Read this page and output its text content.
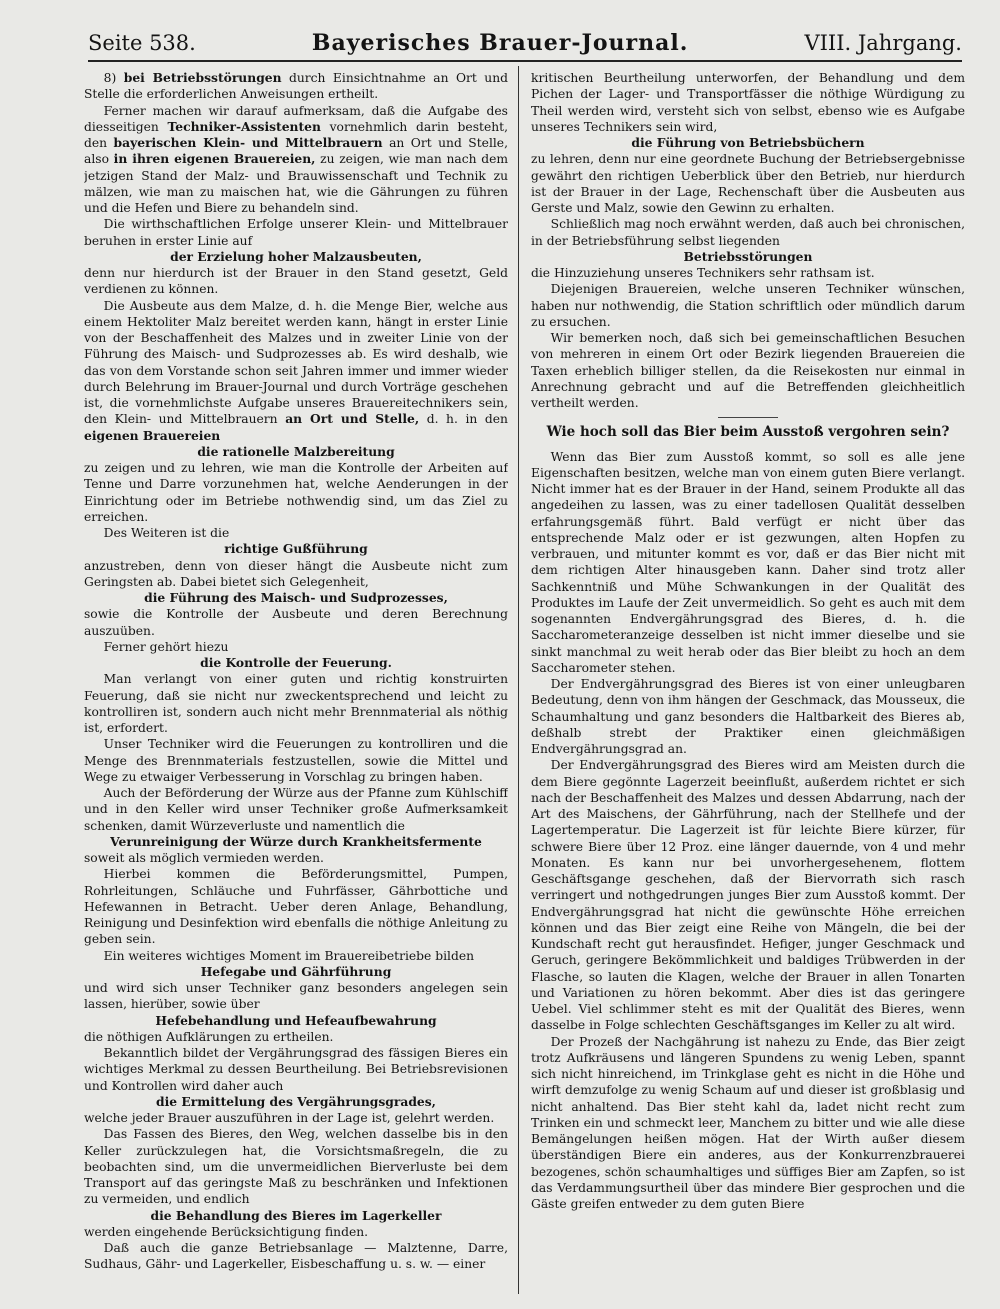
Seite 538.	Bayerisches Brauer-Journal.	VIII. Jahrgang.

8) bei Betriebsstörungen durch Einsichtnahme an Ort und Stelle die erforderlichen Anweisungen ertheilt.

Ferner machen wir darauf aufmerksam, daß die Aufgabe des diesseitigen Techniker-Assistenten vornehmlich darin besteht, den bayerischen Klein- und Mittelbrauern an Ort und Stelle, also in ihren eigenen Brauereien, zu zeigen, wie man nach dem jetzigen Stand der Malz- und Brauwissenschaft und Technik zu mälzen, wie man zu maischen hat, wie die Gährungen zu führen und die Hefen und Biere zu behandeln sind.

Die wirthschaftlichen Erfolge unserer Klein- und Mittelbrauer beruhen in erster Linie auf

der Erzielung hoher Malzausbeuten,

denn nur hierdurch ist der Brauer in den Stand gesetzt, Geld verdienen zu können.

Die Ausbeute aus dem Malze, d. h. die Menge Bier, welche aus einem Hektoliter Malz bereitet werden kann, hängt in erster Linie von der Beschaffenheit des Malzes und in zweiter Linie von der Führung des Maisch- und Sudprozesses ab. Es wird deshalb, wie das von dem Vorstande schon seit Jahren immer und immer wieder durch Belehrung im Brauer-Journal und durch Vorträge geschehen ist, die vornehmlichste Aufgabe unseres Brauereitechnikers sein, den Klein- und Mittelbrauern an Ort und Stelle, d. h. in den eigenen Brauereien

die rationelle Malzbereitung

zu zeigen und zu lehren, wie man die Kontrolle der Arbeiten auf Tenne und Darre vorzunehmen hat, welche Aenderungen in der Einrichtung oder im Betriebe nothwendig sind, um das Ziel zu erreichen.

Des Weiteren ist die

richtige Gußführung

anzustreben, denn von dieser hängt die Ausbeute nicht zum Geringsten ab. Dabei bietet sich Gelegenheit,

die Führung des Maisch- und Sudprozesses,

sowie die Kontrolle der Ausbeute und deren Berechnung auszuüben.

Ferner gehört hiezu

die Kontrolle der Feuerung.

Man verlangt von einer guten und richtig konstruirten Feuerung, daß sie nicht nur zweckentsprechend und leicht zu kontrolliren ist, sondern auch nicht mehr Brennmaterial als nöthig ist, erfordert.

Unser Techniker wird die Feuerungen zu kontrolliren und die Menge des Brennmaterials festzustellen, sowie die Mittel und Wege zu etwaiger Verbesserung in Vorschlag zu bringen haben.

Auch der Beförderung der Würze aus der Pfanne zum Kühlschiff und in den Keller wird unser Techniker große Aufmerksamkeit schenken, damit Würzeverluste und namentlich die

Verunreinigung der Würze durch Krankheitsfermente

soweit als möglich vermieden werden.

Hierbei kommen die Beförderungsmittel, Pumpen, Rohrleitungen, Schläuche und Fuhrfässer, Gährbottiche und Hefewannen in Betracht. Ueber deren Anlage, Behandlung, Reinigung und Desinfektion wird ebenfalls die nöthige Anleitung zu geben sein.

Ein weiteres wichtiges Moment im Brauereibetriebe bilden

Hefegabe und Gährführung

und wird sich unser Techniker ganz besonders angelegen sein lassen, hierüber, sowie über

Hefebehandlung und Hefeaufbewahrung

die nöthigen Aufklärungen zu ertheilen.

Bekanntlich bildet der Vergährungsgrad des fässigen Bieres ein wichtiges Merkmal zu dessen Beurtheilung. Bei Betriebsrevisionen und Kontrollen wird daher auch

die Ermittelung des Vergährungsgrades,

welche jeder Brauer auszuführen in der Lage ist, gelehrt werden.

Das Fassen des Bieres, den Weg, welchen dasselbe bis in den Keller zurückzulegen hat, die Vorsichtsmaßregeln, die zu beobachten sind, um die unvermeidlichen Bierverluste bei dem Transport auf das geringste Maß zu beschränken und Infektionen zu vermeiden, und endlich

die Behandlung des Bieres im Lagerkeller

werden eingehende Berücksichtigung finden.

Daß auch die ganze Betriebsanlage — Malztenne, Darre, Sudhaus, Gähr- und Lagerkeller, Eisbeschaffung u. s. w. — einer

kritischen Beurtheilung unterworfen, der Behandlung und dem Pichen der Lager- und Transportfässer die nöthige Würdigung zu Theil werden wird, versteht sich von selbst, ebenso wie es Aufgabe unseres Technikers sein wird,

die Führung von Betriebsbüchern

zu lehren, denn nur eine geordnete Buchung der Betriebsergebnisse gewährt den richtigen Ueberblick über den Betrieb, nur hierdurch ist der Brauer in der Lage, Rechenschaft über die Ausbeuten aus Gerste und Malz, sowie den Gewinn zu erhalten.

Schließlich mag noch erwähnt werden, daß auch bei chronischen, in der Betriebsführung selbst liegenden

Betriebsstörungen

die Hinzuziehung unseres Technikers sehr rathsam ist.

Diejenigen Brauereien, welche unseren Techniker wünschen, haben nur nothwendig, die Station schriftlich oder mündlich darum zu ersuchen.

Wir bemerken noch, daß sich bei gemeinschaftlichen Besuchen von mehreren in einem Ort oder Bezirk liegenden Brauereien die Taxen erheblich billiger stellen, da die Reisekosten nur einmal in Anrechnung gebracht und auf die Betreffenden gleichheitlich vertheilt werden.

Wie hoch soll das Bier beim Ausstoß vergohren sein?

Wenn das Bier zum Ausstoß kommt, so soll es alle jene Eigenschaften besitzen, welche man von einem guten Biere verlangt. Nicht immer hat es der Brauer in der Hand, seinem Produkte all das angedeihen zu lassen, was zu einer tadellosen Qualität desselben erfahrungsgemäß führt. Bald verfügt er nicht über das entsprechende Malz oder er ist gezwungen, alten Hopfen zu verbrauen, und mitunter kommt es vor, daß er das Bier nicht mit dem richtigen Alter hinausgeben kann. Daher sind trotz aller Sachkenntniß und Mühe Schwankungen in der Qualität des Produktes im Laufe der Zeit unvermeidlich. So geht es auch mit dem sogenannten Endvergährungsgrad des Bieres, d. h. die Saccharometeranzeige desselben ist nicht immer dieselbe und sie sinkt manchmal zu weit herab oder das Bier bleibt zu hoch an dem Saccharometer stehen.

Der Endvergährungsgrad des Bieres ist von einer unleugbaren Bedeutung, denn von ihm hängen der Geschmack, das Mousseux, die Schaumhaltung und ganz besonders die Haltbarkeit des Bieres ab, deßhalb strebt der Praktiker einen gleichmäßigen Endvergährungsgrad an.

Der Endvergährungsgrad des Bieres wird am Meisten durch die dem Biere gegönnte Lagerzeit beeinflußt, außerdem richtet er sich nach der Beschaffenheit des Malzes und dessen Abdarrung, nach der Art des Maischens, der Gährführung, nach der Stellhefe und der Lagertemperatur. Die Lagerzeit ist für leichte Biere kürzer, für schwere Biere über 12 Proz. eine länger dauernde, von 4 und mehr Monaten. Es kann nur bei unvorhergesehenem, flottem Geschäftsgange geschehen, daß der Biervorrath sich rasch verringert und nothgedrungen junges Bier zum Ausstoß kommt. Der Endvergährungsgrad hat nicht die gewünschte Höhe erreichen können und das Bier zeigt eine Reihe von Mängeln, die bei der Kundschaft recht gut herausfindet. Hefiger, junger Geschmack und Geruch, geringere Bekömmlichkeit und baldiges Trübwerden in der Flasche, so lauten die Klagen, welche der Brauer in allen Tonarten und Variationen zu hören bekommt. Aber dies ist das geringere Uebel. Viel schlimmer steht es mit der Qualität des Bieres, wenn dasselbe in Folge schlechten Geschäftsganges im Keller zu alt wird.

Der Prozeß der Nachgährung ist nahezu zu Ende, das Bier zeigt trotz Aufkräusens und längeren Spundens zu wenig Leben, spannt sich nicht hinreichend, im Trinkglase geht es nicht in die Höhe und wirft demzufolge zu wenig Schaum auf und dieser ist großblasig und nicht anhaltend. Das Bier steht kahl da, ladet nicht recht zum Trinken ein und schmeckt leer, Manchem zu bitter und wie alle diese Bemängelungen heißen mögen. Hat der Wirth außer diesem überständigen Biere ein anderes, aus der Konkurrenzbrauerei bezogenes, schön schaumhaltiges und süffiges Bier am Zapfen, so ist das Verdammungsurtheil über das mindere Bier gesprochen und die Gäste greifen entweder zu dem guten Biere
